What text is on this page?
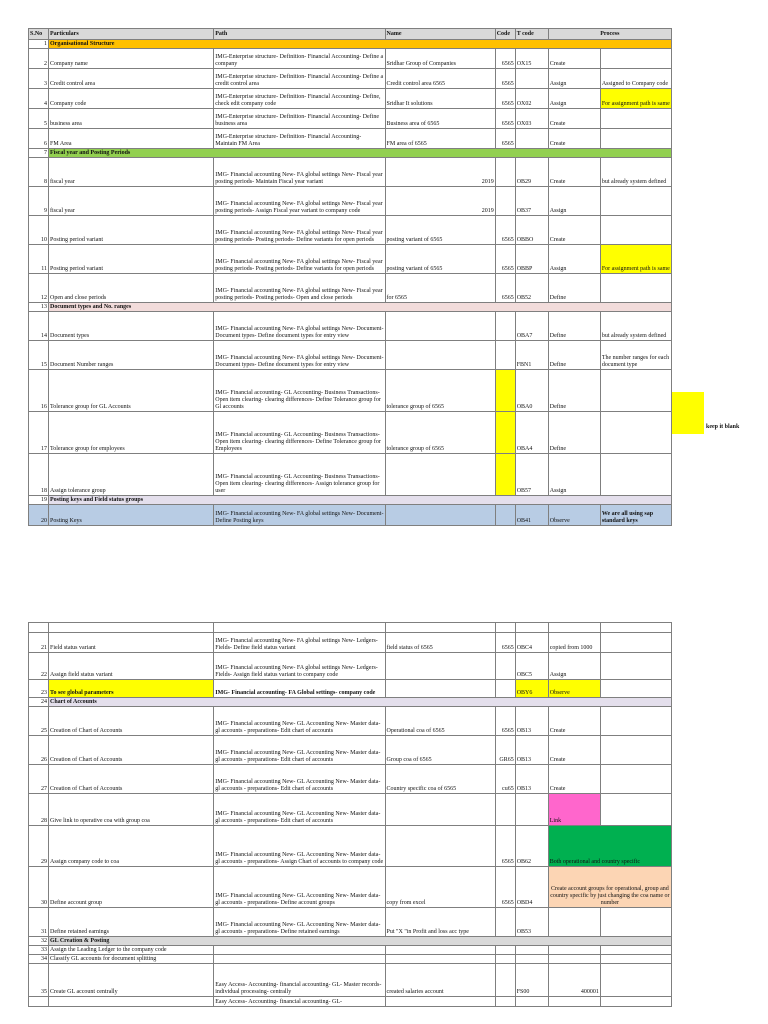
S.No	Particulars	Path	Name	Code	T code	Process	
1	Organisational Structure						
2	Company name	IMG-Enterprise structure- Definition- Financial Accounting- Define a company	Sridhar Group of Companies	6565	OX15	Create	
3	Credit control area	IMG-Enterprise structure- Definition- Financial Accounting- Define a credit control area	Credit control area 6565	6565		Assign	Assigned to Company code
4	Company code	IMG-Enterprise structure- Definition- Financial Accounting- Define, check edit company code	Sridhar It solutions	6565	OX02	Assign	For assignment path is same
5	business area	IMG-Enterprise structure- Definition- Financial Accounting- Define business area	Business area of 6565	6565	OX03	Create	
6	FM Area	IMG-Enterprise structure- Definition- Financial Accounting- Maintain FM Area	FM area of 6565	6565		Create	
7	Fiscal year and Posting Periods						
8	fiscal year	IMG- Financial accounting New- FA global settings New- Fiscal year posting periods- Maintain Fiscal year variant	2019		OB29	Create	but already system defined
9	fiscal year	IMG- Financial accounting New- FA global settings New- Fiscal year posting periods- Assign Fiscal year variant to company code	2019		OB37	Assign	
10	Posting period variant	IMG- Financial accounting New- FA global settings New- Fiscal year posting periods- Posting periods- Define variants for open periods	posting variant of 6565	6565	OBBO	Create	
11	Posting period variant	IMG- Financial accounting New- FA global settings New- Fiscal year posting periods- Posting periods- Define variants for open periods	posting variant of 6565	6565	OBBP	Assign	For assignment path is same
12	Open and close periods	IMG- Financial accounting New- FA global settings New- Fiscal year posting periods- Posting periods- Open and close periods	for 6565	6565	OB52	Define	
13	Document types and No. ranges						
14	Document types	IMG- Financial accounting New- FA global settings New- Document- Document types- Define document types for entry view			OBA7	Define	but already system defined
15	Document Number ranges	IMG- Financial accounting New- FA global settings New- Document- Document types- Define document types for entry view			FBN1	Define	The number ranges for each document type
16	Tolerance group for GL Accounts	IMG- Financial accounting- GL Accounting- Business Transactions- Open item clearing- clearing differences- Define Tolerance group for Gl accounts	tolerance group of 6565		OBA0	Define	
17	Tolerance group for employees	IMG- Financial accounting- GL Accounting- Business Transactions- Open item clearing- clearing differences- Define Tolerance group for Employees	tolerance group of 6565		OBA4	Define	
18	Assign tolerance group	IMG- Financial accounting- GL Accounting- Business Transactions- Open item clearing- clearing differences- Assign tolerance group for user			OB57	Assign	
19	Posting keys and Field status groups						
20	Posting Keys	IMG- Financial accounting New- FA global settings New- Document- Define Posting keys			OB41	Observe	We are all using sap standard keys
keep it blank

21	Field status variant	IMG- Financial accounting New- FA global settings New- Ledgers- Fields- Define field status variant	field status of 6565	6565	OBC4	copied from 1000	
22	Assign field status variant	IMG- Financial accounting New- FA global settings New- Ledgers- Fields- Assign field status variant to company code			OBC5	Assign	
23	To see global parameters	IMG- Financial accounting- FA Global settings- company code			OBY6	Observe	
24	Chart of Accounts						
25	Creation of Chart of Accounts	IMG- Financial accounting New- GL Accounting New- Master data- gl accounts - preparations- Edit chart of accounts	Operational coa of 6565	6565	OB13	Create	
26	Creation of Chart of Accounts	IMG- Financial accounting New- GL Accounting New- Master data- gl accounts - preparations- Edit chart of accounts	Group coa of 6565	GR65	OB13	Create	
27	Creation of Chart of Accounts	IMG- Financial accounting New- GL Accounting New- Master data- gl accounts - preparations- Edit chart of accounts	Country specific coa of 6565	cu65	OB13	Create	
28	Give link to operative coa with group coa	IMG- Financial accounting New- GL Accounting New- Master data- gl accounts - preparations- Edit chart of accounts				Link	
29	Assign company code to coa	IMG- Financial accounting New- GL Accounting New- Master data- gl accounts - preparations- Assign Chart of accounts to company code		6565	OB62	Both operational and country specific	
30	Define account group	IMG- Financial accounting New- GL Accounting New- Master data- gl accounts - preparations- Define account groups	copy from excel	6565	OBD4	Create account groups for operational, group and country specific by just changing the coa name or number	
31	Define retained earnings	IMG- Financial accounting New- GL Accounting New- Master data- gl accounts - preparations- Define retained earnings	Put "X "in Profit and loss acc type		OB53		
32	GL Creation & Posting						
33	Assign the Leading Ledger to the company code						
34	Classify GL accounts for document splitting						
35	Create GL account centrally	Easy Access- Accounting- financial accounting- GL- Master records- individual processing- centrally	created salaries account		FS00	400001	
		Easy Access- Accounting- financial accounting- GL-					
